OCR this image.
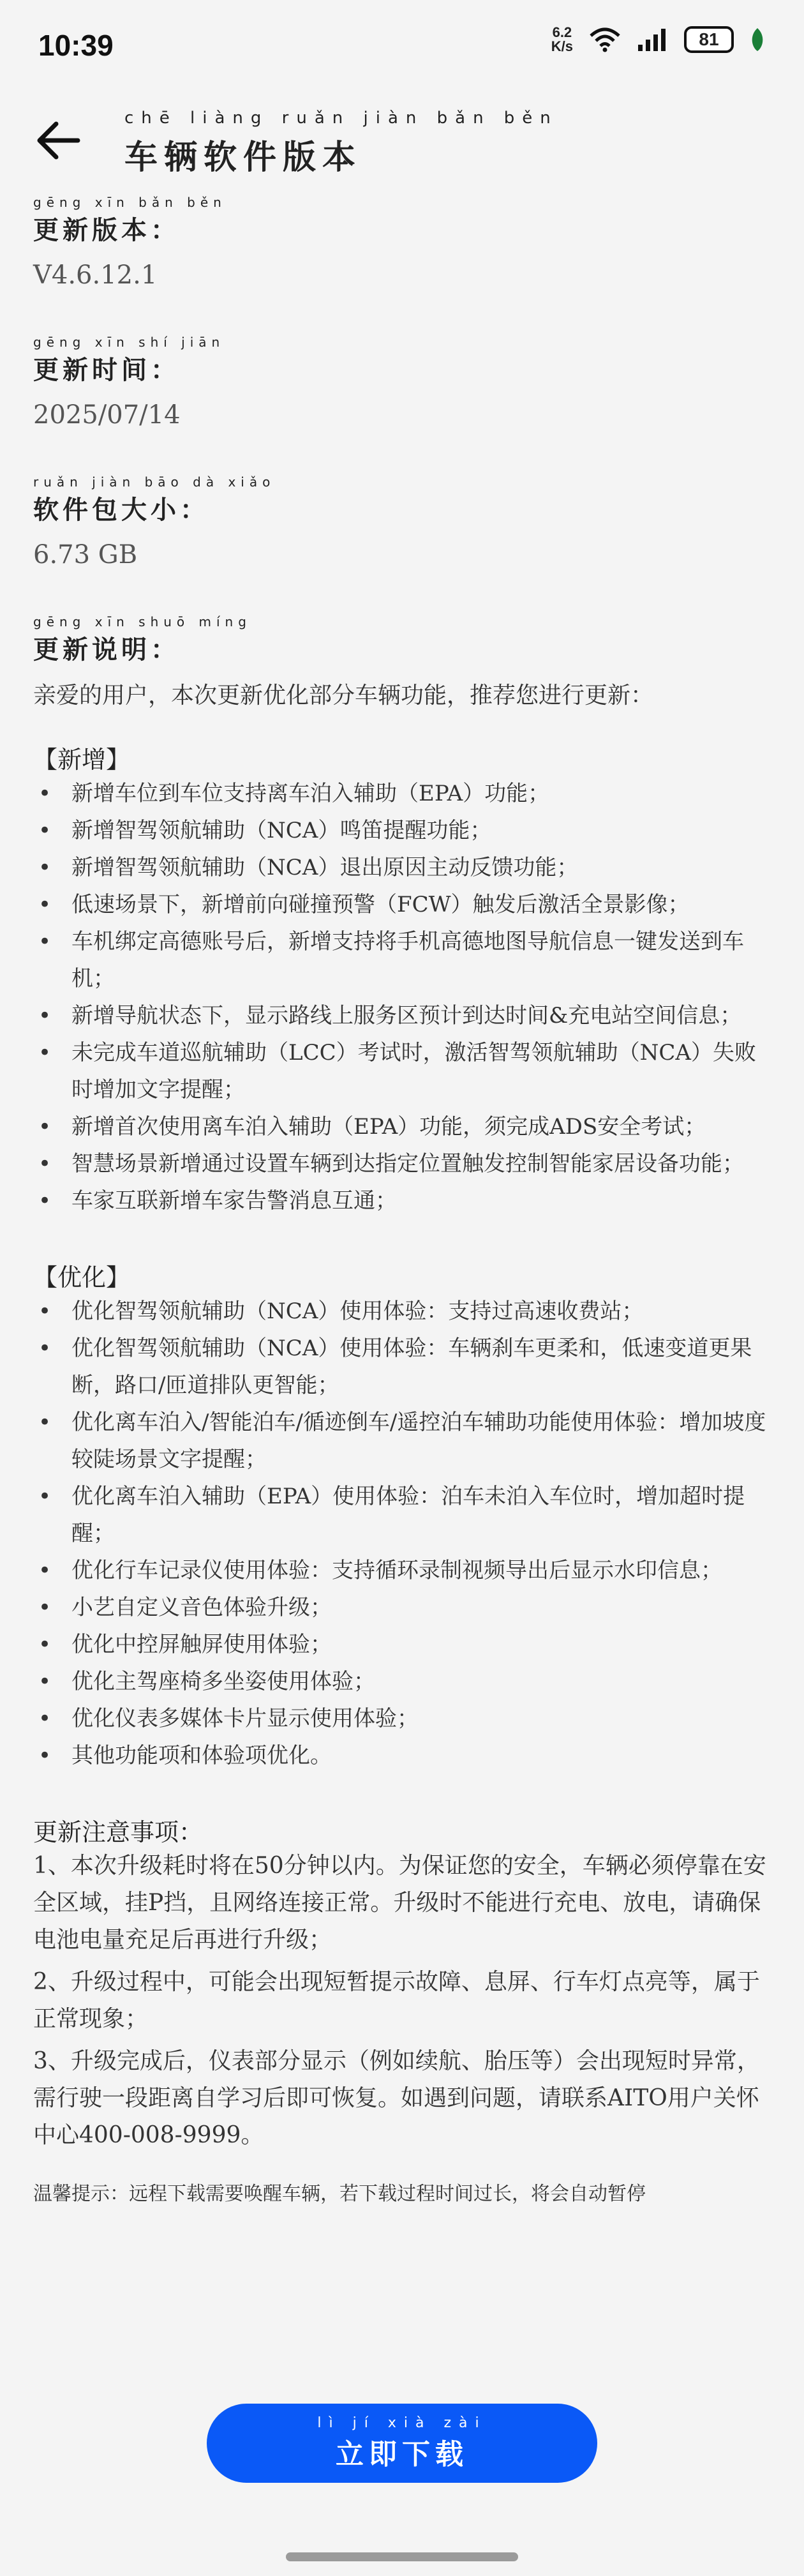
10:39	6.2
K/s	81
chē liàng ruǎn jiàn bǎn běn
车辆软件版本
gēng xīn bǎn běn
更新版本：
V4.6.12.1
gēng xīn shí jiān
更新时间：
2025/07/14
ruǎn jiàn bāo dà xiǎo
软件包大小：
6.73 GB
gēng xīn shuō míng
更新说明：
亲爱的用户，本次更新优化部分车辆功能，推荐您进行更新：
【新增】
• 新增车位到车位支持离车泊入辅助（EPA）功能；
• 新增智驾领航辅助（NCA）鸣笛提醒功能；
• 新增智驾领航辅助（NCA）退出原因主动反馈功能；
• 低速场景下，新增前向碰撞预警（FCW）触发后激活全景影像；
• 车机绑定高德账号后，新增支持将手机高德地图导航信息一键发送到车机；
• 新增导航状态下，显示路线上服务区预计到达时间&充电站空间信息；
• 未完成车道巡航辅助（LCC）考试时，激活智驾领航辅助（NCA）失败时增加文字提醒；
• 新增首次使用离车泊入辅助（EPA）功能，须完成ADS安全考试；
• 智慧场景新增通过设置车辆到达指定位置触发控制智能家居设备功能；
• 车家互联新增车家告警消息互通；
【优化】
• 优化智驾领航辅助（NCA）使用体验：支持过高速收费站；
• 优化智驾领航辅助（NCA）使用体验：车辆刹车更柔和，低速变道更果断，路口/匝道排队更智能；
• 优化离车泊入/智能泊车/循迹倒车/遥控泊车辅助功能使用体验：增加坡度较陡场景文字提醒；
• 优化离车泊入辅助（EPA）使用体验：泊车未泊入车位时，增加超时提醒；
• 优化行车记录仪使用体验：支持循环录制视频导出后显示水印信息；
• 小艺自定义音色体验升级；
• 优化中控屏触屏使用体验；
• 优化主驾座椅多坐姿使用体验；
• 优化仪表多媒体卡片显示使用体验；
• 其他功能项和体验项优化。
更新注意事项：

1、本次升级耗时将在50分钟以内。为保证您的安全，车辆必须停靠在安全区域，挂P挡，且网络连接正常。升级时不能进行充电、放电，请确保电池电量充足后再进行升级；

2、升级过程中，可能会出现短暂提示故障、息屏、行车灯点亮等，属于正常现象；

3、升级完成后，仪表部分显示（例如续航、胎压等）会出现短时异常，需行驶一段距离自学习后即可恢复。如遇到问题，请联系AITO用户关怀中心400-008-9999。

温馨提示：远程下载需要唤醒车辆，若下载过程时间过长，将会自动暂停
lì jí xià zài
立即下载
